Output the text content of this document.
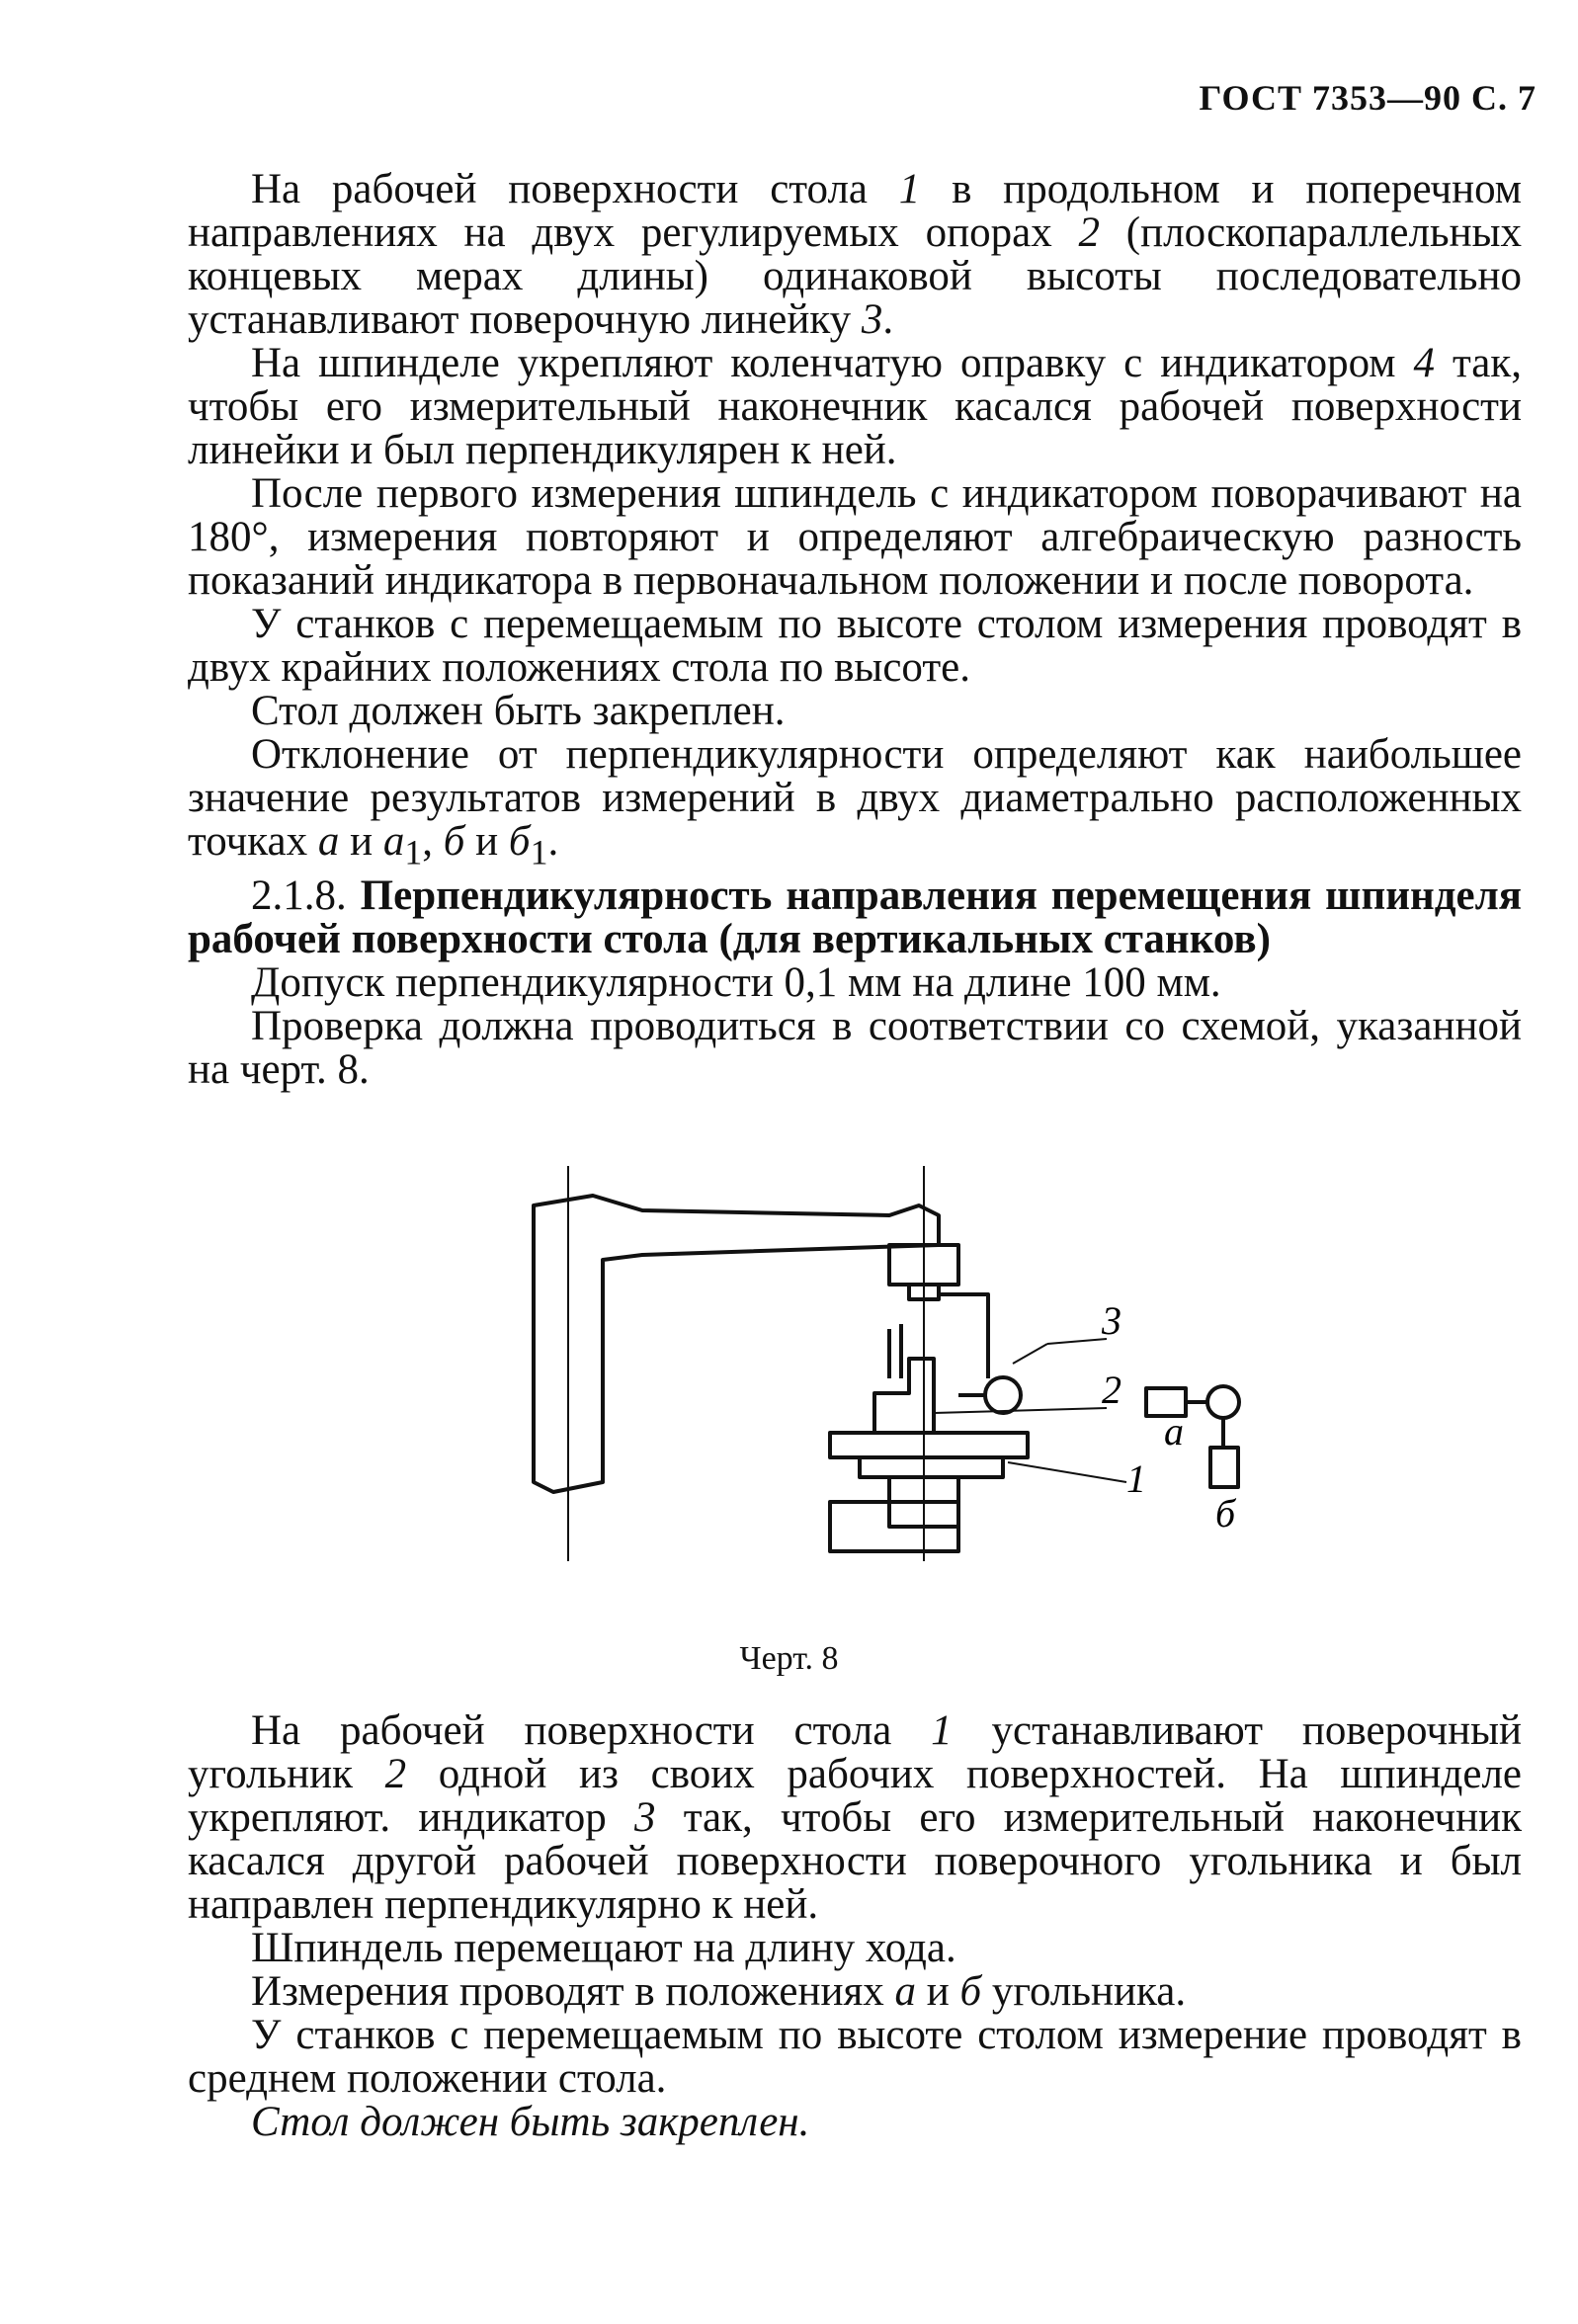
ГОСТ 7353—90 С. 7

На рабочей поверхности стола 1 в продольном и поперечном направлениях на двух регулируемых опорах 2 (плоскопараллельных концевых мерах длины) одинаковой высоты последовательно устанавливают поверочную линейку 3.

На шпинделе укрепляют коленчатую оправку с индикатором 4 так, чтобы его измерительный наконечник касался рабочей поверхности линейки и был перпендикулярен к ней.

После первого измерения шпиндель с индикатором поворачивают на 180°, измерения повторяют и определяют алгебраическую разность показаний индикатора в первоначальном положении и после поворота.

У станков с перемещаемым по высоте столом измерения проводят в двух крайних положениях стола по высоте.

Стол должен быть закреплен.

Отклонение от перпендикулярности определяют как наибольшее значение результатов измерений в двух диаметрально расположенных точках а и $а_1$, б и $б_1$.

2.1.8. Перпендикулярность направления перемещения шпинделя рабочей поверхности стола (для вертикальных станков)

Допуск перпендикулярности 0,1 мм на длине 100 мм.

Проверка должна проводиться в соответствии со схемой, указанной на черт. 8.

3
2
1
а
б
Черт. 8

На рабочей поверхности стола 1 устанавливают поверочный угольник 2 одной из своих рабочих поверхностей. На шпинделе укрепляют. индикатор 3 так, чтобы его измерительный наконечник касался другой рабочей поверхности поверочного угольника и был направлен перпендикулярно к ней.

Шпиндель перемещают на длину хода.

Измерения проводят в положениях а и б угольника.

У станков с перемещаемым по высоте столом измерение проводят в среднем положении стола.

Стол должен быть закреплен.
